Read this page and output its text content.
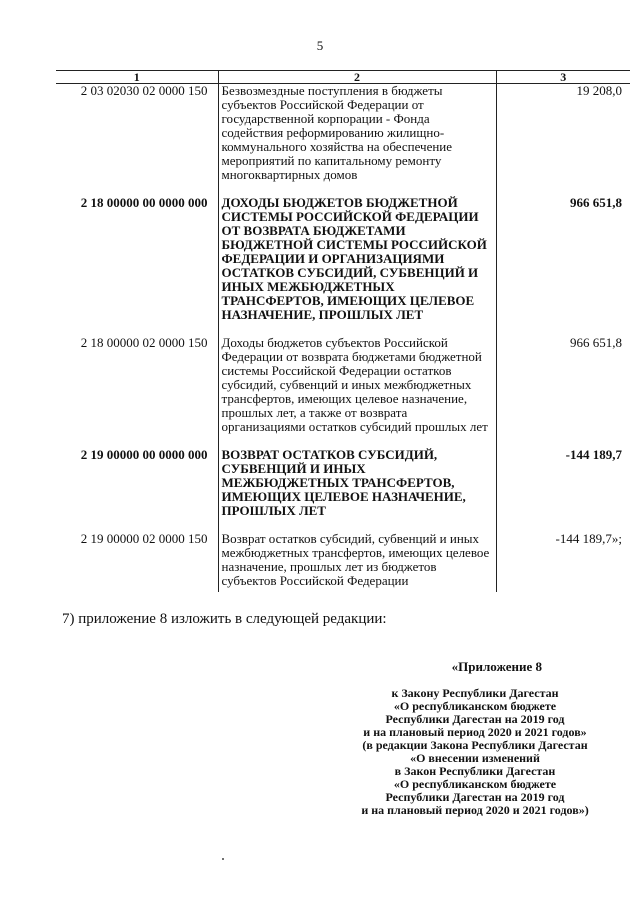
5
1	2	3
2 03 02030 02 0000 150	Безвозмездные поступления в бюджеты субъектов Российской Федерации от государственной корпорации - Фонда содействия реформированию жилищно-коммунального хозяйства на обеспечение мероприятий по капитальному ремонту многоквартирных домов	19 208,0
2 18 00000 00 0000 000	ДОХОДЫ БЮДЖЕТОВ БЮДЖЕТНОЙ СИСТЕМЫ РОССИЙСКОЙ ФЕДЕРАЦИИ ОТ ВОЗВРАТА БЮДЖЕТАМИ БЮДЖЕТНОЙ СИСТЕМЫ РОССИЙСКОЙ ФЕДЕРАЦИИ И ОРГАНИЗАЦИЯМИ ОСТАТКОВ СУБСИДИЙ, СУБВЕНЦИЙ И ИНЫХ МЕЖБЮДЖЕТНЫХ ТРАНСФЕРТОВ, ИМЕЮЩИХ ЦЕЛЕВОЕ НАЗНАЧЕНИЕ, ПРОШЛЫХ ЛЕТ	966 651,8
2 18 00000 02 0000 150	Доходы бюджетов субъектов Российской Федерации от возврата бюджетами бюджетной системы Российской Федерации остатков субсидий, субвенций и иных межбюджетных трансфертов, имеющих целевое назначение, прошлых лет, а также от возврата организациями остатков субсидий прошлых лет	966 651,8
2 19 00000 00 0000 000	ВОЗВРАТ ОСТАТКОВ СУБСИДИЙ, СУБВЕНЦИЙ И ИНЫХ МЕЖБЮДЖЕТНЫХ ТРАНСФЕРТОВ, ИМЕЮЩИХ ЦЕЛЕВОЕ НАЗНАЧЕНИЕ, ПРОШЛЫХ ЛЕТ	-144 189,7
2 19 00000 02 0000 150	Возврат остатков субсидий, субвенций и иных межбюджетных трансфертов, имеющих целевое назначение, прошлых лет из бюджетов субъектов Российской Федерации	-144 189,7»;
7) приложение 8 изложить в следующей редакции:
«Приложение 8
к Закону Республики Дагестан
«О республиканском бюджете
Республики Дагестан на 2019 год
и на плановый период 2020 и 2021 годов»
(в редакции Закона Республики Дагестан
«О внесении изменений
в Закон Республики Дагестан
«О республиканском бюджете
Республики Дагестан на 2019 год
и на плановый период 2020 и 2021 годов»)
